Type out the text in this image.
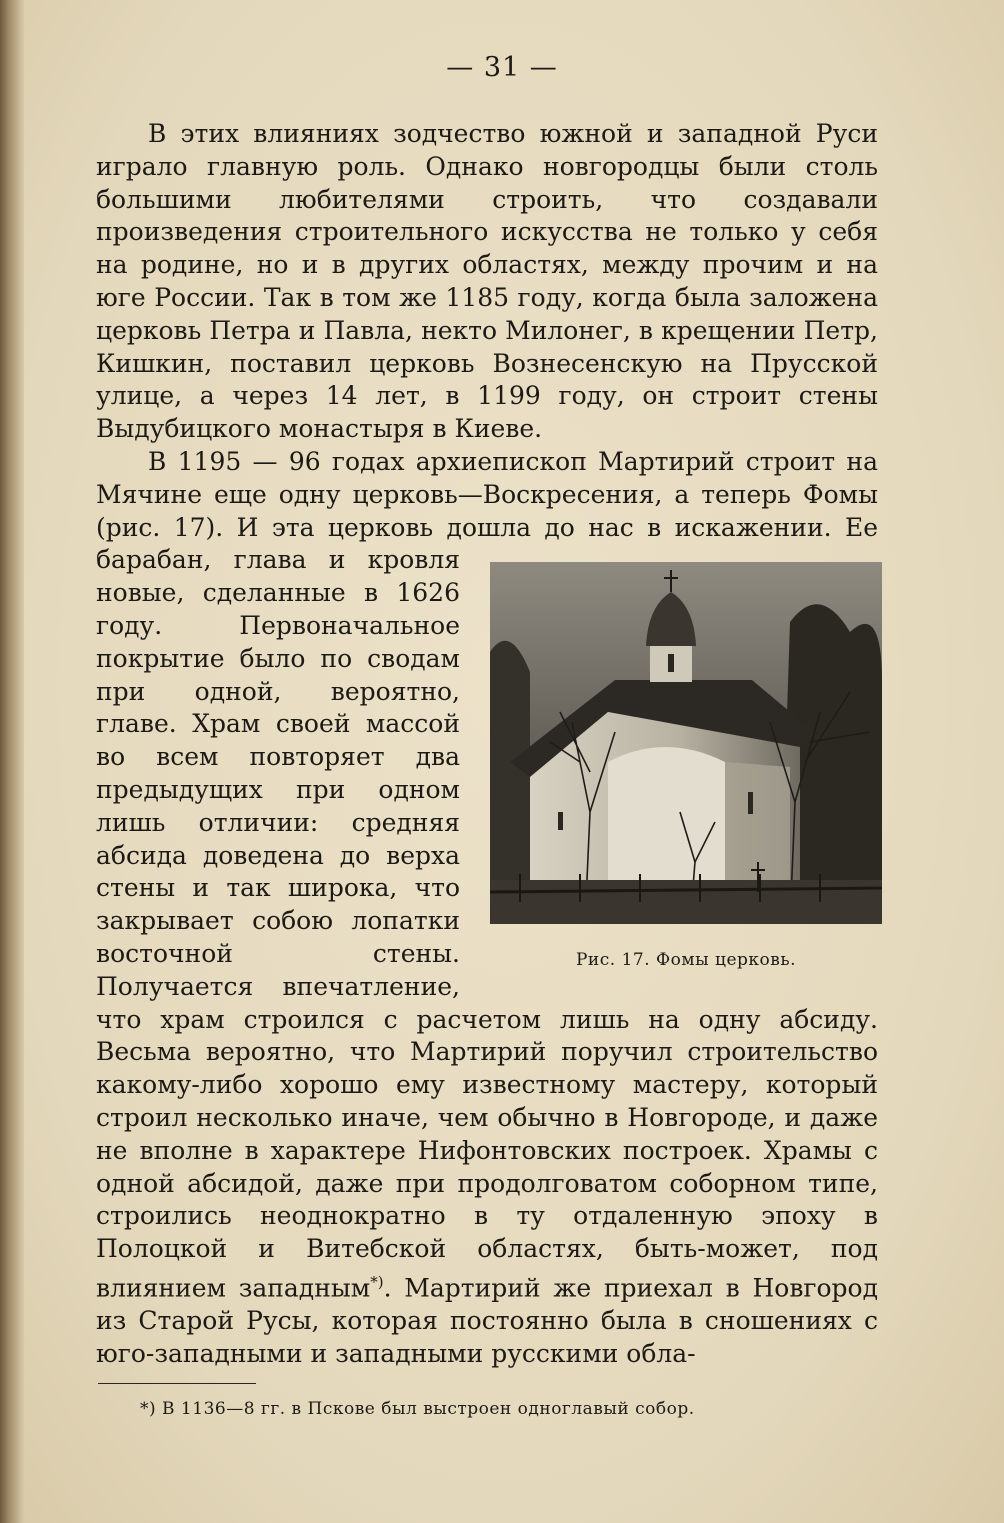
— 31 —

В этих влияниях зодчество южной и западной Руси играло главную роль. Однако новгородцы были столь большими любителями строить, что создавали произведения строительного искусства не только у себя на родине, но и в других областях, между прочим и на юге России. Так в том же 1185 году, когда была заложена церковь Петра и Павла, некто Милонег, в крещении Петр, Кишкин, поставил церковь Вознесенскую на Прусской улице, а через 14 лет, в 1199 году, он строит стены Выдубицкого монастыря в Киеве.

В 1195 — 96 годах архиепископ Мартирий строит на Мячине еще одну церковь—Воскресения, а теперь Фомы (рис. 17). И эта церковь дошла до нас в искажении.
Рис. 17. Фомы церковь.
Ее барабан, глава и кровля новые, сделанные в 1626 году. Первоначальное покрытие было по сводам при одной, вероятно, главе. Храм своей массой во всем повторяет два предыдущих при одном лишь отличии: средняя абсида доведена до верха стены и так широка, что закрывает собою лопатки восточной стены. Получается впечатление, что храм строился с расчетом лишь на одну абсиду. Весьма вероятно, что Мартирий поручил строительство какому-либо хорошо ему известному мастеру, который строил несколько иначе, чем обычно в Новгороде, и даже не вполне в характере Нифонтовских построек. Храмы с одной абсидой, даже при продолговатом соборном типе, строились неоднократно в ту отдаленную эпоху в Полоцкой и Витебской областях, быть-может, под влиянием западным*). Мартирий же приехал в Новгород из Старой Русы, которая постоянно была в сношениях с юго-западными и западными русскими обла-

*) В 1136—8 гг. в Пскове был выстроен одноглавый собор.
